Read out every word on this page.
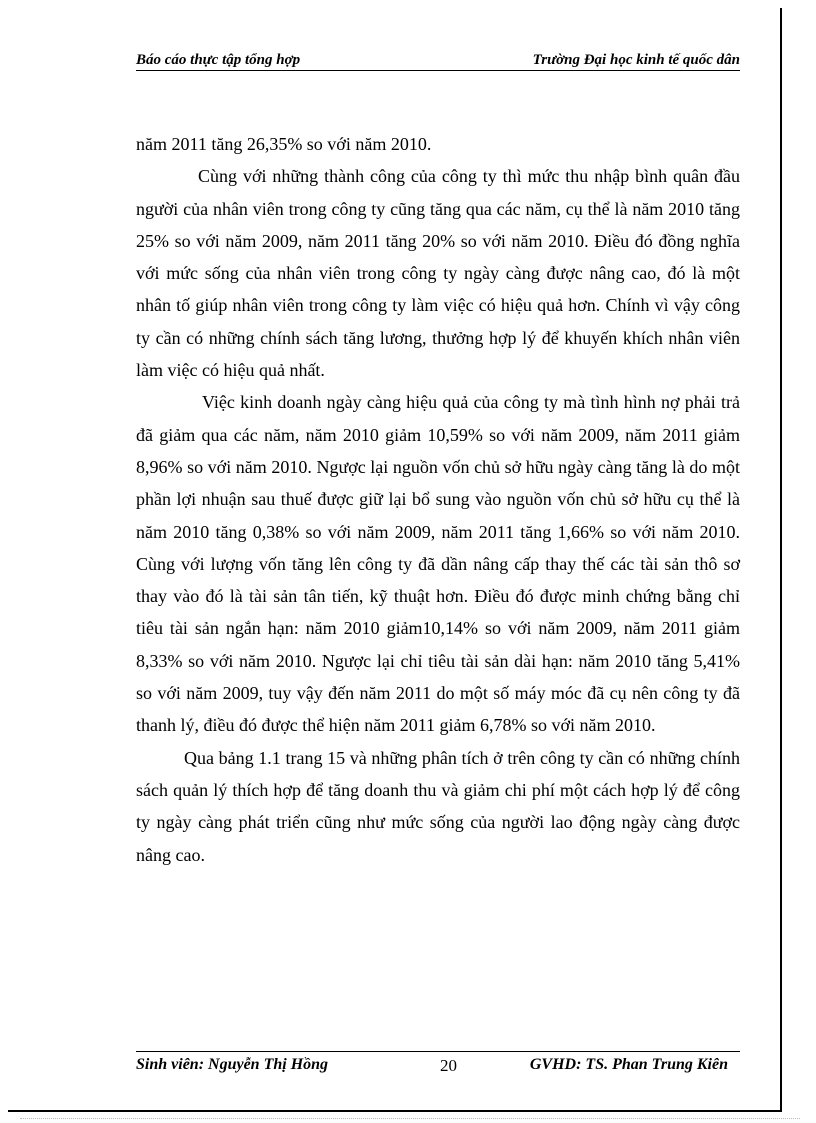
Báo cáo thực tập tổng hợp	Trường Đại học kinh tế quốc dân

năm 2011 tăng 26,35% so với năm 2010.

Cùng với những thành công của công ty thì mức thu nhập bình quân đầu người của nhân viên trong công ty cũng tăng qua các năm, cụ thể là năm 2010 tăng 25% so với năm 2009, năm 2011 tăng 20% so với năm 2010. Điều đó đồng nghĩa với mức sống của nhân viên trong công ty ngày càng được nâng cao, đó là một nhân tố giúp nhân viên trong công ty làm việc có hiệu quả hơn. Chính vì vậy công ty cần có những chính sách tăng lương, thưởng hợp lý để khuyến khích nhân viên làm việc có hiệu quả nhất.

Việc kinh doanh ngày càng hiệu quả của công ty mà tình hình nợ phải trả đã giảm qua các năm, năm 2010 giảm 10,59% so với năm 2009, năm 2011 giảm 8,96% so với năm 2010. Ngược lại nguồn vốn chủ sở hữu ngày càng tăng là do một phần lợi nhuận sau thuế được giữ lại bổ sung vào nguồn vốn chủ sở hữu cụ thể là năm 2010 tăng 0,38% so với năm 2009, năm 2011 tăng 1,66% so với năm 2010. Cùng với lượng vốn tăng lên công ty đã dần nâng cấp thay thế các tài sản thô sơ thay vào đó là tài sản tân tiến, kỹ thuật hơn. Điều đó được minh chứng bằng chỉ tiêu tài sản ngắn hạn: năm 2010 giảm10,14% so với năm 2009, năm 2011 giảm 8,33% so với năm 2010. Ngược lại chỉ tiêu tài sản dài hạn: năm 2010 tăng 5,41% so với năm 2009, tuy vậy đến năm 2011 do một số máy móc đã cụ nên công ty đã thanh lý, điều đó được thể hiện năm 2011 giảm 6,78% so với năm 2010.

Qua bảng 1.1 trang 15 và những phân tích ở trên công ty cần có những chính sách quản lý thích hợp để tăng doanh thu và giảm chi phí một cách hợp lý để công ty ngày càng phát triển cũng như mức sống của người lao động ngày càng được nâng cao.

Sinh viên: Nguyễn Thị Hồng	20	GVHD: TS. Phan Trung Kiên
